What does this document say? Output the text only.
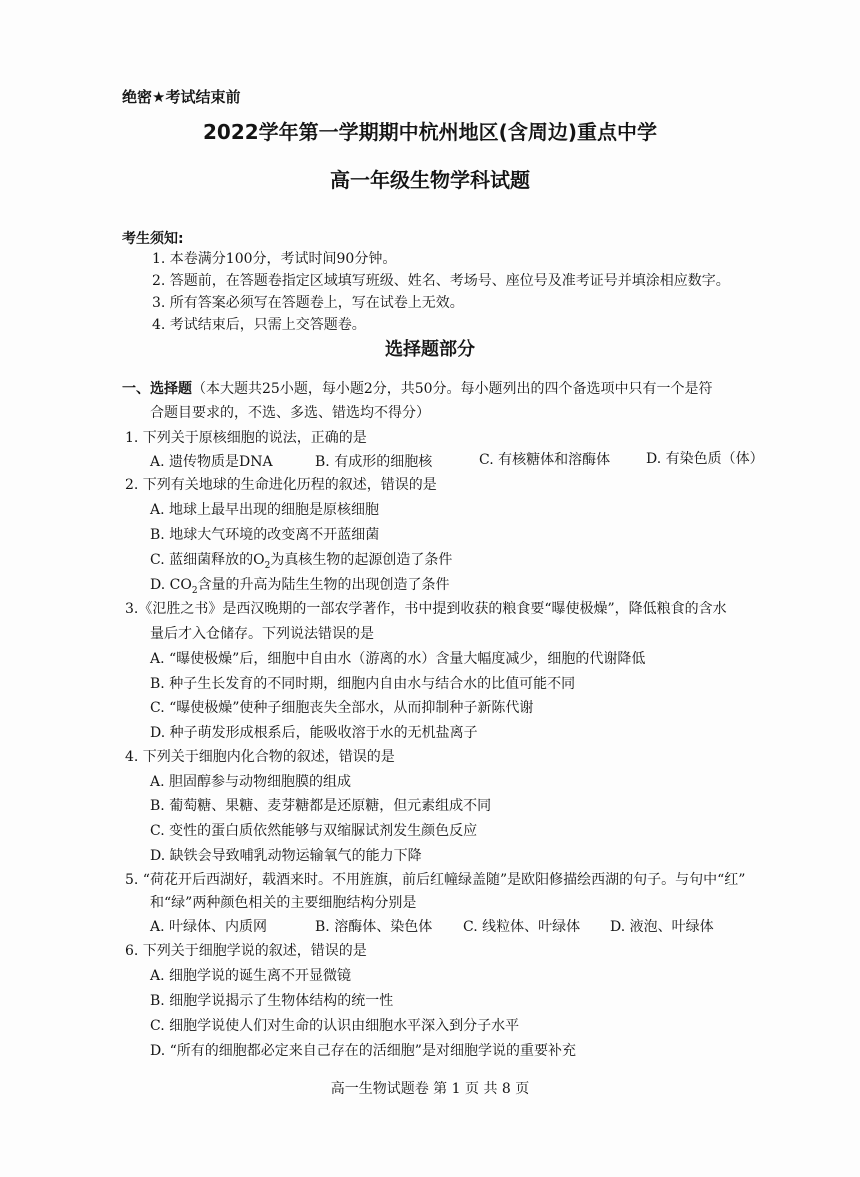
绝密★考试结束前
2022学年第一学期期中杭州地区(含周边)重点中学
高一年级生物学科试题
考生须知:
1. 本卷满分100分，考试时间90分钟。
2. 答题前，在答题卷指定区域填写班级、姓名、考场号、座位号及准考证号并填涂相应数字。
3. 所有答案必须写在答题卷上，写在试卷上无效。
4. 考试结束后，只需上交答题卷。
选择题部分
一、选择题（本大题共25小题，每小题2分，共50分。每小题列出的四个备选项中只有一个是符
合题目要求的，不选、多选、错选均不得分）
1. 下列关于原核细胞的说法，正确的是
A. 遗传物质是DNA	B. 有成形的细胞核	C. 有核糖体和溶酶体	D. 有染色质（体）
2. 下列有关地球的生命进化历程的叙述，错误的是
A. 地球上最早出现的细胞是原核细胞
B. 地球大气环境的改变离不开蓝细菌
C. 蓝细菌释放的$O_2$为真核生物的起源创造了条件
D. $CO_2$含量的升高为陆生生物的出现创造了条件
3.《氾胜之书》是西汉晚期的一部农学著作，书中提到收获的粮食要“曝使极燥”，降低粮食的含水
量后才入仓储存。下列说法错误的是
A. “曝使极燥”后，细胞中自由水（游离的水）含量大幅度减少，细胞的代谢降低
B. 种子生长发育的不同时期，细胞内自由水与结合水的比值可能不同
C. “曝使极燥”使种子细胞丧失全部水，从而抑制种子新陈代谢
D. 种子萌发形成根系后，能吸收溶于水的无机盐离子
4. 下列关于细胞内化合物的叙述，错误的是
A. 胆固醇参与动物细胞膜的组成
B. 葡萄糖、果糖、麦芽糖都是还原糖，但元素组成不同
C. 变性的蛋白质依然能够与双缩脲试剂发生颜色反应
D. 缺铁会导致哺乳动物运输氧气的能力下降
5. “荷花开后西湖好，载酒来时。不用旌旗，前后红幢绿盖随”是欧阳修描绘西湖的句子。与句中“红”
和“绿”两种颜色相关的主要细胞结构分别是
A. 叶绿体、内质网	B. 溶酶体、染色体 C. 线粒体、叶绿体 D. 液泡、叶绿体
6. 下列关于细胞学说的叙述，错误的是
A. 细胞学说的诞生离不开显微镜
B. 细胞学说揭示了生物体结构的统一性
C. 细胞学说使人们对生命的认识由细胞水平深入到分子水平
D. “所有的细胞都必定来自己存在的活细胞”是对细胞学说的重要补充
高一生物试题卷 第 1 页 共 8 页
